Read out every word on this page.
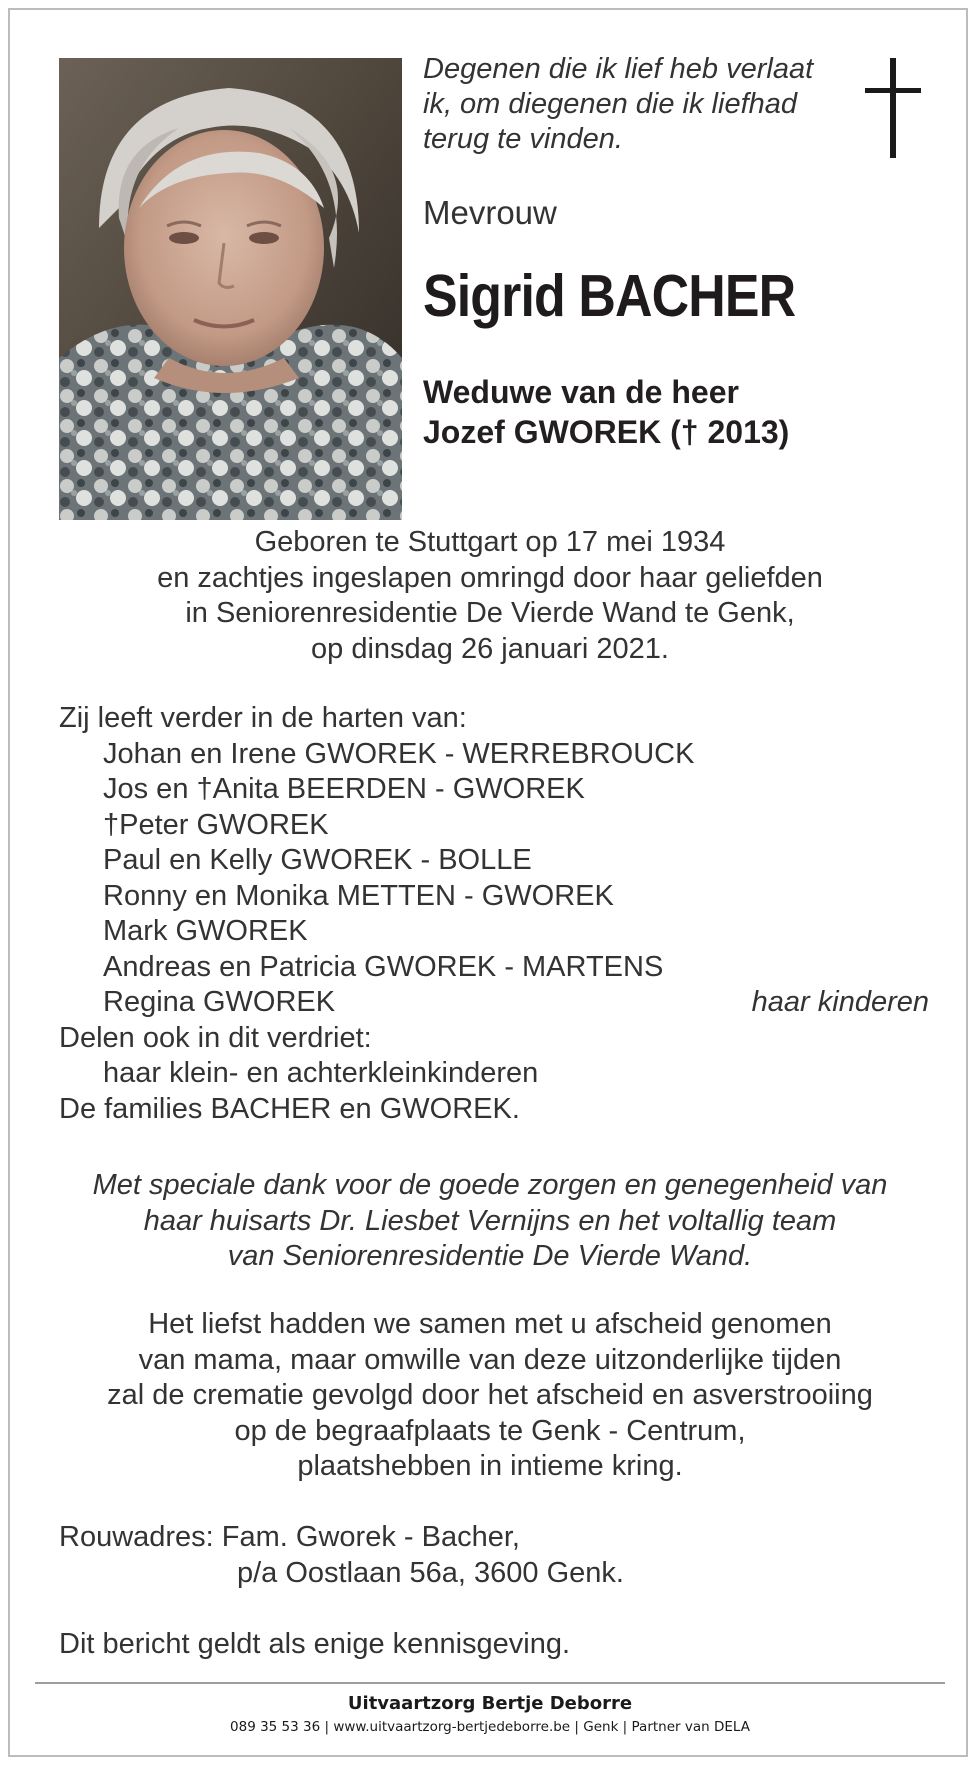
Degenen die ik lief heb verlaat
ik, om diegenen die ik liefhad
terug te vinden.
Mevrouw
Sigrid BACHER
Weduwe van de heer
Jozef GWOREK († 2013)
Geboren te Stuttgart op 17 mei 1934
en zachtjes ingeslapen omringd door haar geliefden
in Seniorenresidentie De Vierde Wand te Genk,
op dinsdag 26 januari 2021.
Zij leeft verder in de harten van:
Johan en Irene GWOREK - WERREBROUCK
Jos en †Anita BEERDEN - GWOREK
†Peter GWOREK
Paul en Kelly GWOREK - BOLLE
Ronny en Monika METTEN - GWOREK
Mark GWOREK
Andreas en Patricia GWOREK - MARTENS
Regina GWOREK	haar kinderen
Delen ook in dit verdriet:
haar klein- en achterkleinkinderen
De families BACHER en GWOREK.
Met speciale dank voor de goede zorgen en genegenheid van
haar huisarts Dr. Liesbet Vernijns en het voltallig team
van Seniorenresidentie De Vierde Wand.
Het liefst hadden we samen met u afscheid genomen
van mama, maar omwille van deze uitzonderlijke tijden
zal de crematie gevolgd door het afscheid en asverstrooiing
op de begraafplaats te Genk - Centrum,
plaatshebben in intieme kring.
Rouwadres: Fam. Gworek - Bacher,
p/a Oostlaan 56a, 3600 Genk.
Dit bericht geldt als enige kennisgeving.
Uitvaartzorg Bertje Deborre
089 35 53 36 | www.uitvaartzorg-bertjedeborre.be | Genk | Partner van DELA
